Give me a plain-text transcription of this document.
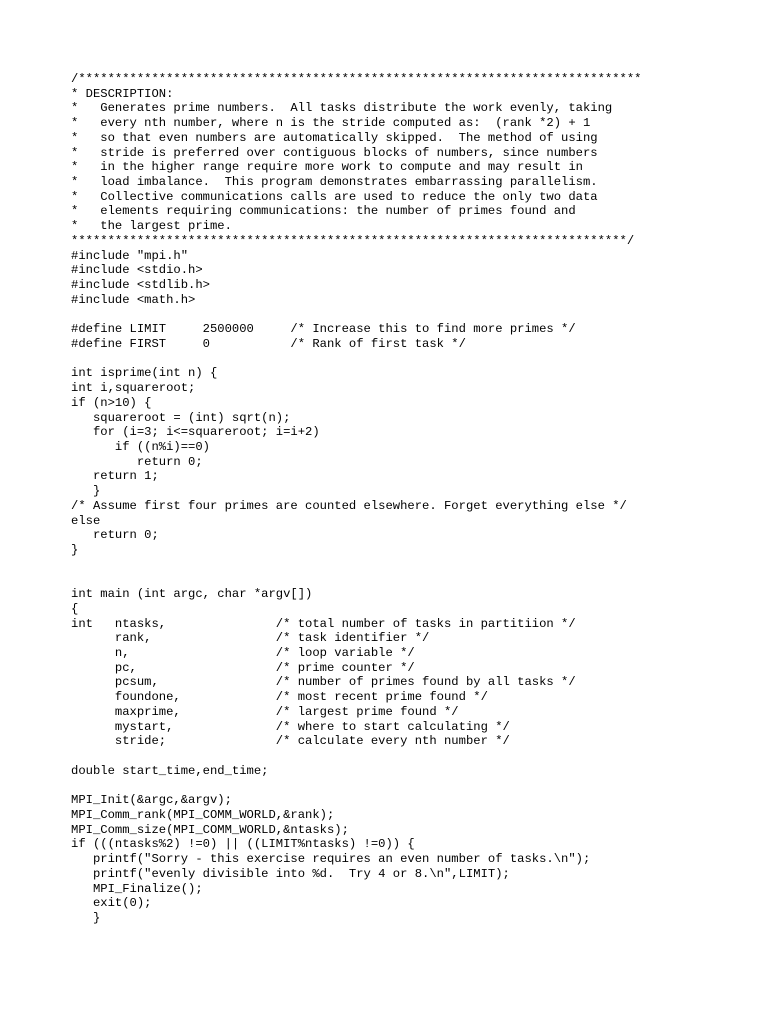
/*****************************************************************************
* DESCRIPTION:
*   Generates prime numbers.  All tasks distribute the work evenly, taking
*   every nth number, where n is the stride computed as:  (rank *2) + 1
*   so that even numbers are automatically skipped.  The method of using
*   stride is preferred over contiguous blocks of numbers, since numbers
*   in the higher range require more work to compute and may result in
*   load imbalance.  This program demonstrates embarrassing parallelism.
*   Collective communications calls are used to reduce the only two data
*   elements requiring communications: the number of primes found and
*   the largest prime.
****************************************************************************/
#include "mpi.h"
#include <stdio.h>
#include <stdlib.h>
#include <math.h>
#define LIMIT     2500000     /* Increase this to find more primes */
#define FIRST     0           /* Rank of first task */
int isprime(int n) {
int i,squareroot;
if (n>10) {
squareroot = (int) sqrt(n);
for (i=3; i<=squareroot; i=i+2)
if ((n%i)==0)
return 0;
return 1;
}
/* Assume first four primes are counted elsewhere. Forget everything else */
else
return 0;
}
int main (int argc, char *argv[])
{
int   ntasks,               /* total number of tasks in partitiion */
rank,                 /* task identifier */
n,                    /* loop variable */
pc,                   /* prime counter */
pcsum,                /* number of primes found by all tasks */
foundone,             /* most recent prime found */
maxprime,             /* largest prime found */
mystart,              /* where to start calculating */
stride;               /* calculate every nth number */
double start_time,end_time;
MPI_Init(&argc,&argv);
MPI_Comm_rank(MPI_COMM_WORLD,&rank);
MPI_Comm_size(MPI_COMM_WORLD,&ntasks);
if (((ntasks%2) !=0) || ((LIMIT%ntasks) !=0)) {
printf("Sorry - this exercise requires an even number of tasks.\n");
printf("evenly divisible into %d.  Try 4 or 8.\n",LIMIT);
MPI_Finalize();
exit(0);
}
